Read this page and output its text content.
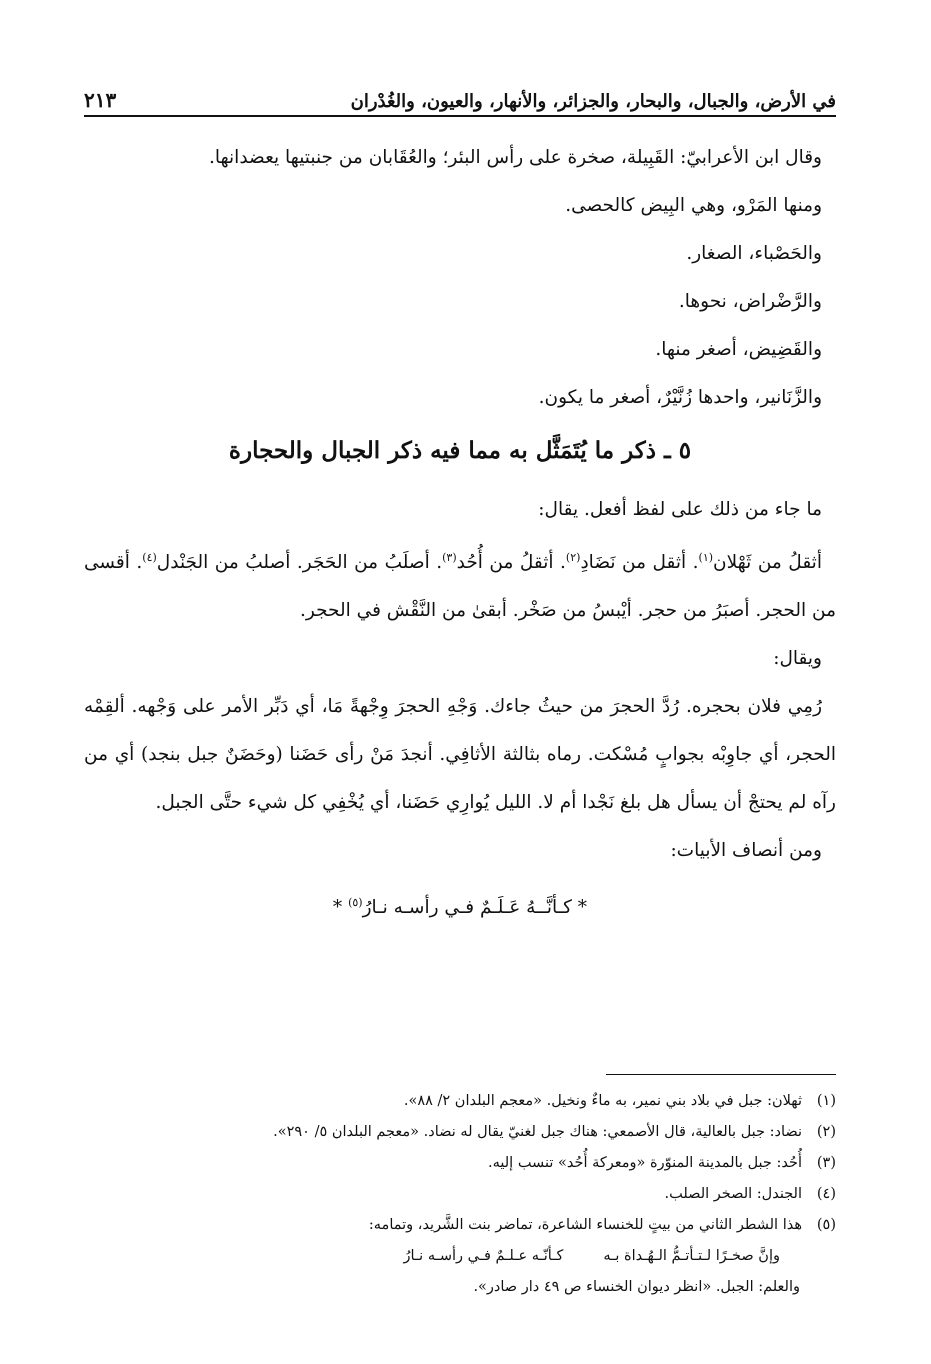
في الأرض، والجبال، والبحار، والجزائر، والأنهار، والعيون، والغُدْران
٢١٣

وقال ابن الأعرابيّ: القَبِيلة، صخرة على رأس البئر؛ والعُقَابان من جنبتيها يعضدانها.

ومنها المَرْو، وهي البِيض كالحصى.

والحَصْباء، الصغار.

والرَّضْراض، نحوها.

والقَضِيض، أصغر منها.

والزَّنَانير، واحدها زُنَّيْرٌ، أصغر ما يكون.

٥ ـ ذكر ما يُتَمَثَّل به مما فيه ذكر الجبال والحجارة

ما جاء من ذلك على لفظ أفعل. يقال:

أثقلُ من ثَهْلان$^{(١)}$. أثقل من نَضَادِ$^{(٢)}$. أثقلُ من أُحُد$^{(٣)}$. أصلَبُ من الحَجَر. أصلبُ من الجَنْدل$^{(٤)}$. أقسى من الحجر. أصبَرُ من حجر. أيْبسُ من صَخْر. أبقىٰ من النَّقْش في الحجر.

ويقال:

رُمِي فلان بحجره. رُدَّ الحجرَ من حيثُ جاءك. وَجْهِ الحجرَ وِجْهةً مَا، أي دَبِّر الأمر على وَجْهه. ألقِمْه الحجر، أي جاوِبْه بجوابٍ مُسْكت. رماه بثالثة الأثافِي. أنجدَ مَنْ رأى حَضَنا (وحَضَنٌ جبل بنجد) أي من رآه لم يحتجْ أن يسأل هل بلغ نَجْدا أم لا. الليل يُوارِي حَضَنا، أي يُخْفِي كل شيء حتَّى الجبل.

ومن أنصاف الأبيات:

* كـأنَّــهُ عَـلَـمٌ فـي رأسـه نـارُ$^{(٥)}$ *

(١)ثهلان: جبل في بلاد بني نمير، به ماءٌ ونخيل. «معجم البلدان ٢/ ٨٨».

(٢)نضاد: جبل بالعالية، قال الأصمعي: هناك جبل لغنيّ يقال له نضاد. «معجم البلدان ٥/ ٢٩٠».

(٣)أُحُد: جبل بالمدينة المنوّرة «ومعركة أُحُد» تنسب إليه.

(٤)الجندل: الصخر الصلب.

(٥)هذا الشطر الثاني من بيتٍ للخنساء الشاعرة، تماضر بنت الشَّريد، وتمامه:

وإنَّ صخـرًا لـتـأتـمُّ الـهُـداة بـه
كـأنّـه عـلـمٌ فـي رأسـه نـارُ

والعلم: الجبل. «انظر ديوان الخنساء ص ٤٩ دار صادر».
